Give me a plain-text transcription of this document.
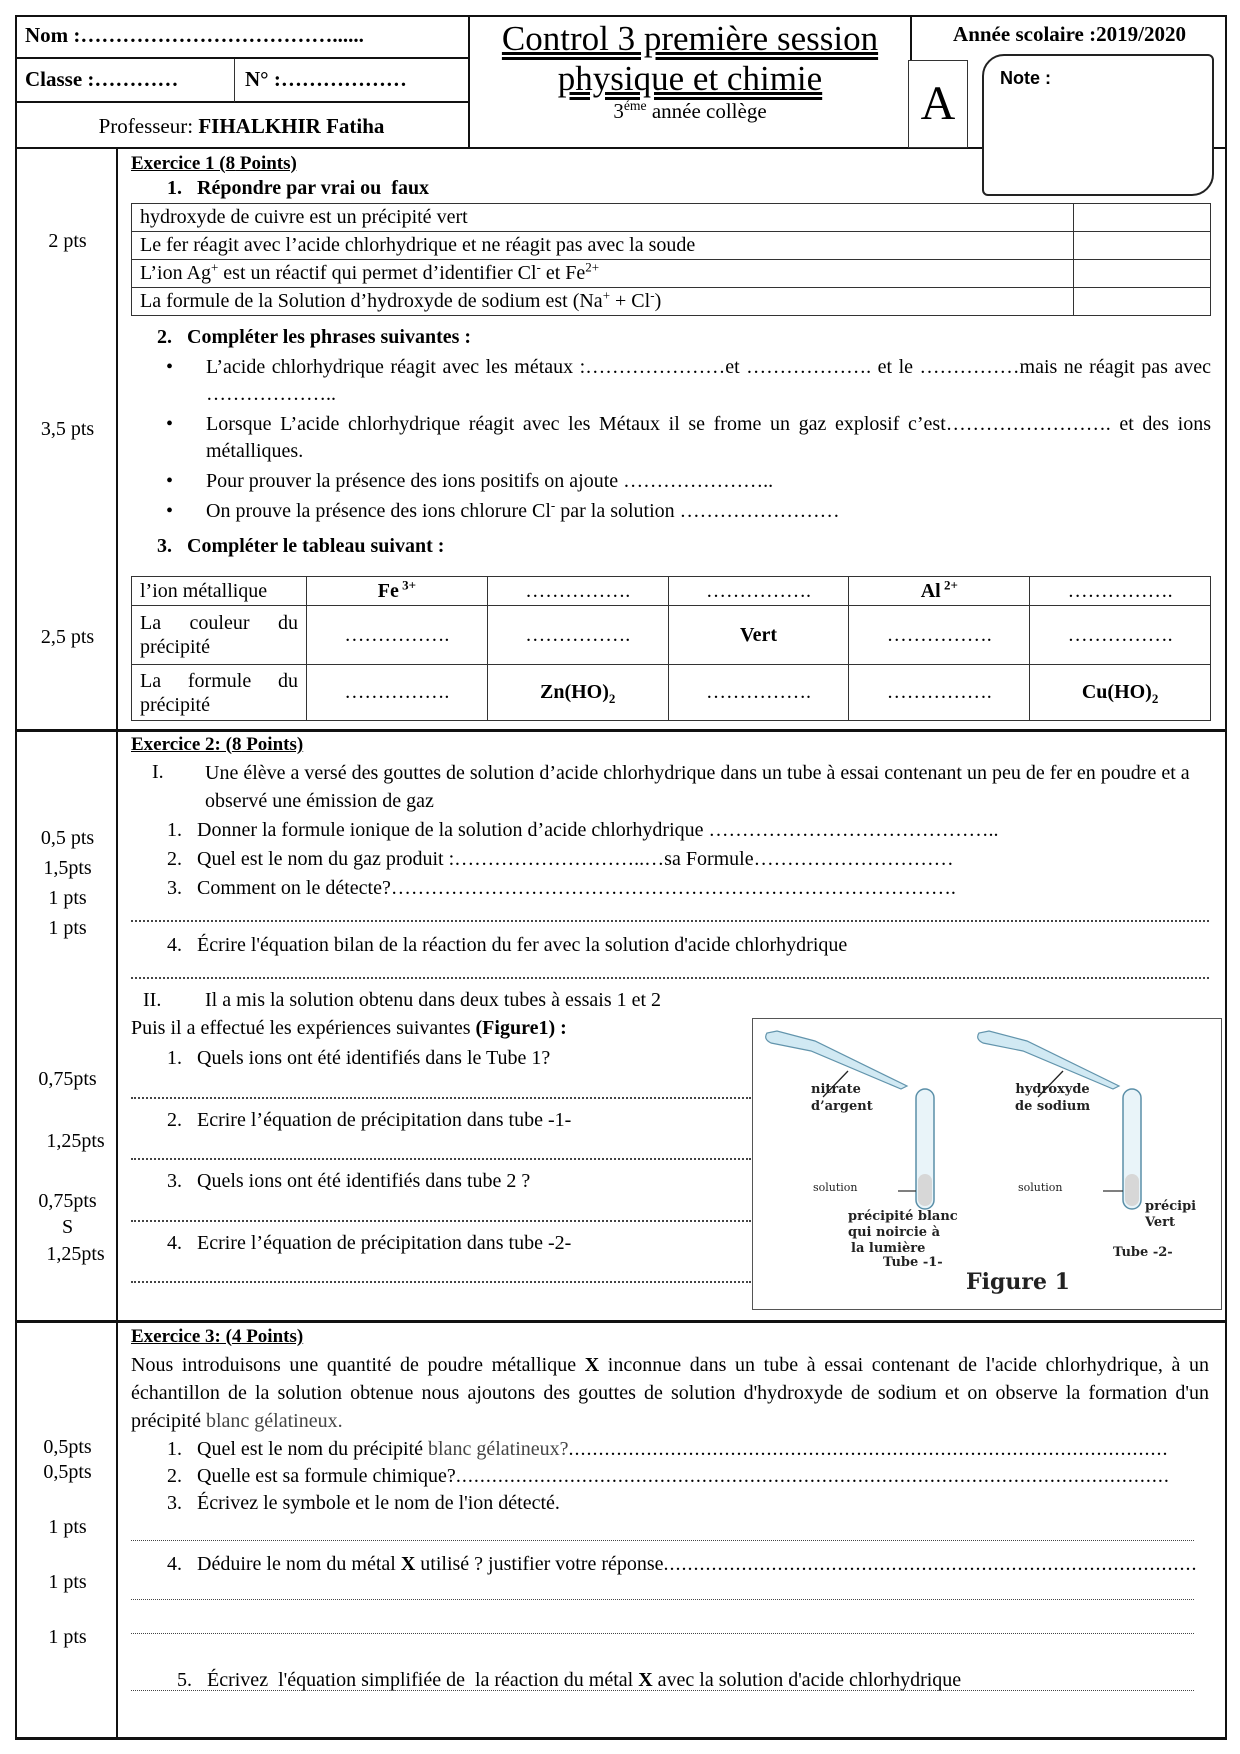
Nom :………………………………......
Classe :…………	N° :………………
Professeur: FIHALKHIR Fatiha
Control 3 première session
physique et chimie
$3^{éme}$ année collège
Année scolaire :2019/2020
A	Note :
2 pts
3,5 pts
2,5 pts
Exercice 1 (8 Points)
1.   Répondre par vrai ou  faux
hydroxyde de cuivre est un précipité vert	
Le fer réagit avec l’acide chlorhydrique et ne réagit pas avec la soude	
L’ion Ag+ est un réactif qui permet d’identifier Cl- et $Fe^{2+}$	
La formule de la Solution d’hydroxyde de sodium est (Na+ + Cl-)	
2.   Compléter les phrases suivantes :
• L’acide chlorhydrique réagit avec les métaux :…………………et ………………. et le ……………mais ne réagit pas avec ………………..
• Lorsque L’acide chlorhydrique réagit avec les Métaux il se frome un gaz explosif c’est……………………. et des ions métalliques.
• Pour prouver la présence des ions positifs on ajoute …………………..
• On prouve la présence des ions chlorure Cl- par la solution ……………………
3.   Compléter le tableau suivant :
l’ion métallique	Fe $^{3+}$	…………….	…………….	Al $^{2+}$	…………….
La couleur du précipité	…………….	…………….	Vert	…………….	…………….
La formule du précipité	…………….	$Zn(HO)_2$	…………….	…………….	$Cu(HO)_2$
0,5 pts
1,5pts
1 pts
1 pts
0,75pts
1,25pts
0,75pts
S
1,25pts
Exercice 2: (8 Points)
I. Une élève a versé des gouttes de solution d’acide chlorhydrique dans un tube à essai contenant un peu de fer en poudre et a observé une émission de gaz
1.   Donner la formule ionique de la solution d’acide chlorhydrique ……………………………………..
2.   Quel est le nom du gaz produit :………………………..…sa Formule…………………………
3.   Comment on le détecte?………………………………………………………………………….
4.   Écrire l'équation bilan de la réaction du fer avec la solution d'acide chlorhydrique
II. Il a mis la solution obtenu dans deux tubes à essais 1 et 2
Puis il a effectué les expériences suivantes (Figure1) :
1.   Quels ions ont été identifiés dans le Tube 1?
2.   Ecrire l’équation de précipitation dans tube -1-
3.   Quels ions ont été identifiés dans tube 2 ?
4.   Ecrire l’équation de précipitation dans tube -2-
nitrate
d’argent
solution
précipité blanc
qui noircie à
la lumière
Tube -1-
hydroxyde
de sodium
solution
précipi
Vert
Tube -2-
Figure 1
0,5pts
0,5pts
1 pts
1 pts
1 pts
Exercice 3: (4 Points)
Nous introduisons une quantité de poudre métallique X inconnue dans un tube à essai contenant de l'acide chlorhydrique, à un échantillon de la solution obtenue nous ajoutons des gouttes de solution d'hydroxyde de sodium et on observe la formation d'un précipité blanc gélatineux.
1.   Quel est le nom du précipité blanc gélatineux?....................................................................................................
2.   Quelle est sa formule chimique?.......................................................................................................................
3.   Écrivez le symbole et le nom de l'ion détecté.
4.   Déduire le nom du métal X utilisé ? justifier votre réponse.........................................................................................

5.   Écrivez  l'équation simplifiée de  la réaction du métal X avec la solution d'acide chlorhydrique
